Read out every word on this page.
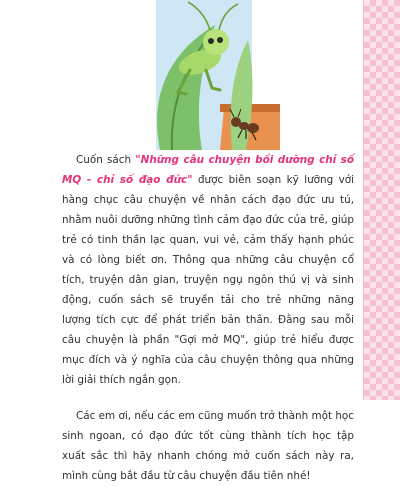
Cuốn sách "Những câu chuyện bồi dưỡng chỉ số MQ - chỉ số đạo đức" được biên soạn kỹ lưỡng với hàng chục câu chuyện về nhân cách đạo đức ưu tú, nhằm nuôi dưỡng những tình cảm đạo đức của trẻ, giúp trẻ có tinh thần lạc quan, vui vẻ, cảm thấy hạnh phúc và có lòng biết ơn. Thông qua những câu chuyện cổ tích, truyện dân gian, truyện ngụ ngôn thú vị và sinh động, cuốn sách sẽ truyền tải cho trẻ những năng lượng tích cực để phát triển bản thân. Đằng sau mỗi câu chuyện là phần "Gợi mở MQ", giúp trẻ hiểu được mục đích và ý nghĩa của câu chuyện thông qua những lời giải thích ngắn gọn.

Các em ơi, nếu các em cũng muốn trở thành một học sinh ngoan, có đạo đức tốt cùng thành tích học tập xuất sắc thì hãy nhanh chóng mở cuốn sách này ra, mình cùng bắt đầu từ câu chuyện đầu tiên nhé!
